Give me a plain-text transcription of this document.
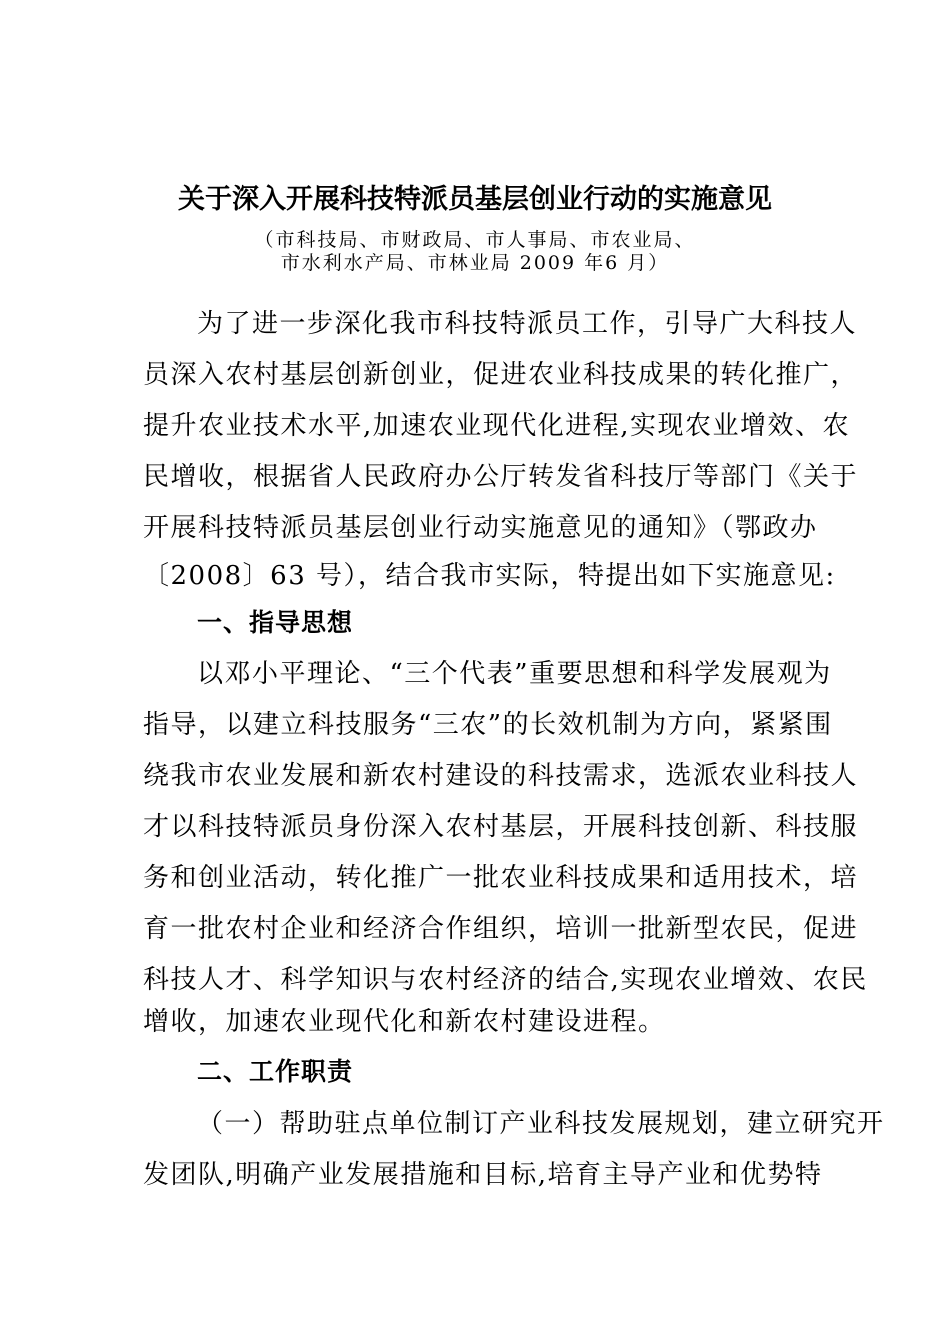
关于深入开展科技特派员基层创业行动的实施意见
（市科技局、市财政局、市人事局、市农业局、
市水利水产局、市林业局 2009 年6 月）
为了进一步深化我市科技特派员工作，引导广大科技人
员深入农村基层创新创业，促进农业科技成果的转化推广，
提升农业技术水平,加速农业现代化进程,实现农业增效、农
民增收，根据省人民政府办公厅转发省科技厅等部门《关于
开展科技特派员基层创业行动实施意见的通知》（鄂政办
〔2008〕63 号），结合我市实际，特提出如下实施意见:
一、指导思想
以邓小平理论、“三个代表”重要思想和科学发展观为
指导，以建立科技服务“三农”的长效机制为方向，紧紧围
绕我市农业发展和新农村建设的科技需求，选派农业科技人
才以科技特派员身份深入农村基层，开展科技创新、科技服
务和创业活动，转化推广一批农业科技成果和适用技术，培
育一批农村企业和经济合作组织，培训一批新型农民，促进
科技人才、科学知识与农村经济的结合,实现农业增效、农民
增收，加速农业现代化和新农村建设进程。
二、工作职责
（一）帮助驻点单位制订产业科技发展规划，建立研究开
发团队,明确产业发展措施和目标,培育主导产业和优势特
